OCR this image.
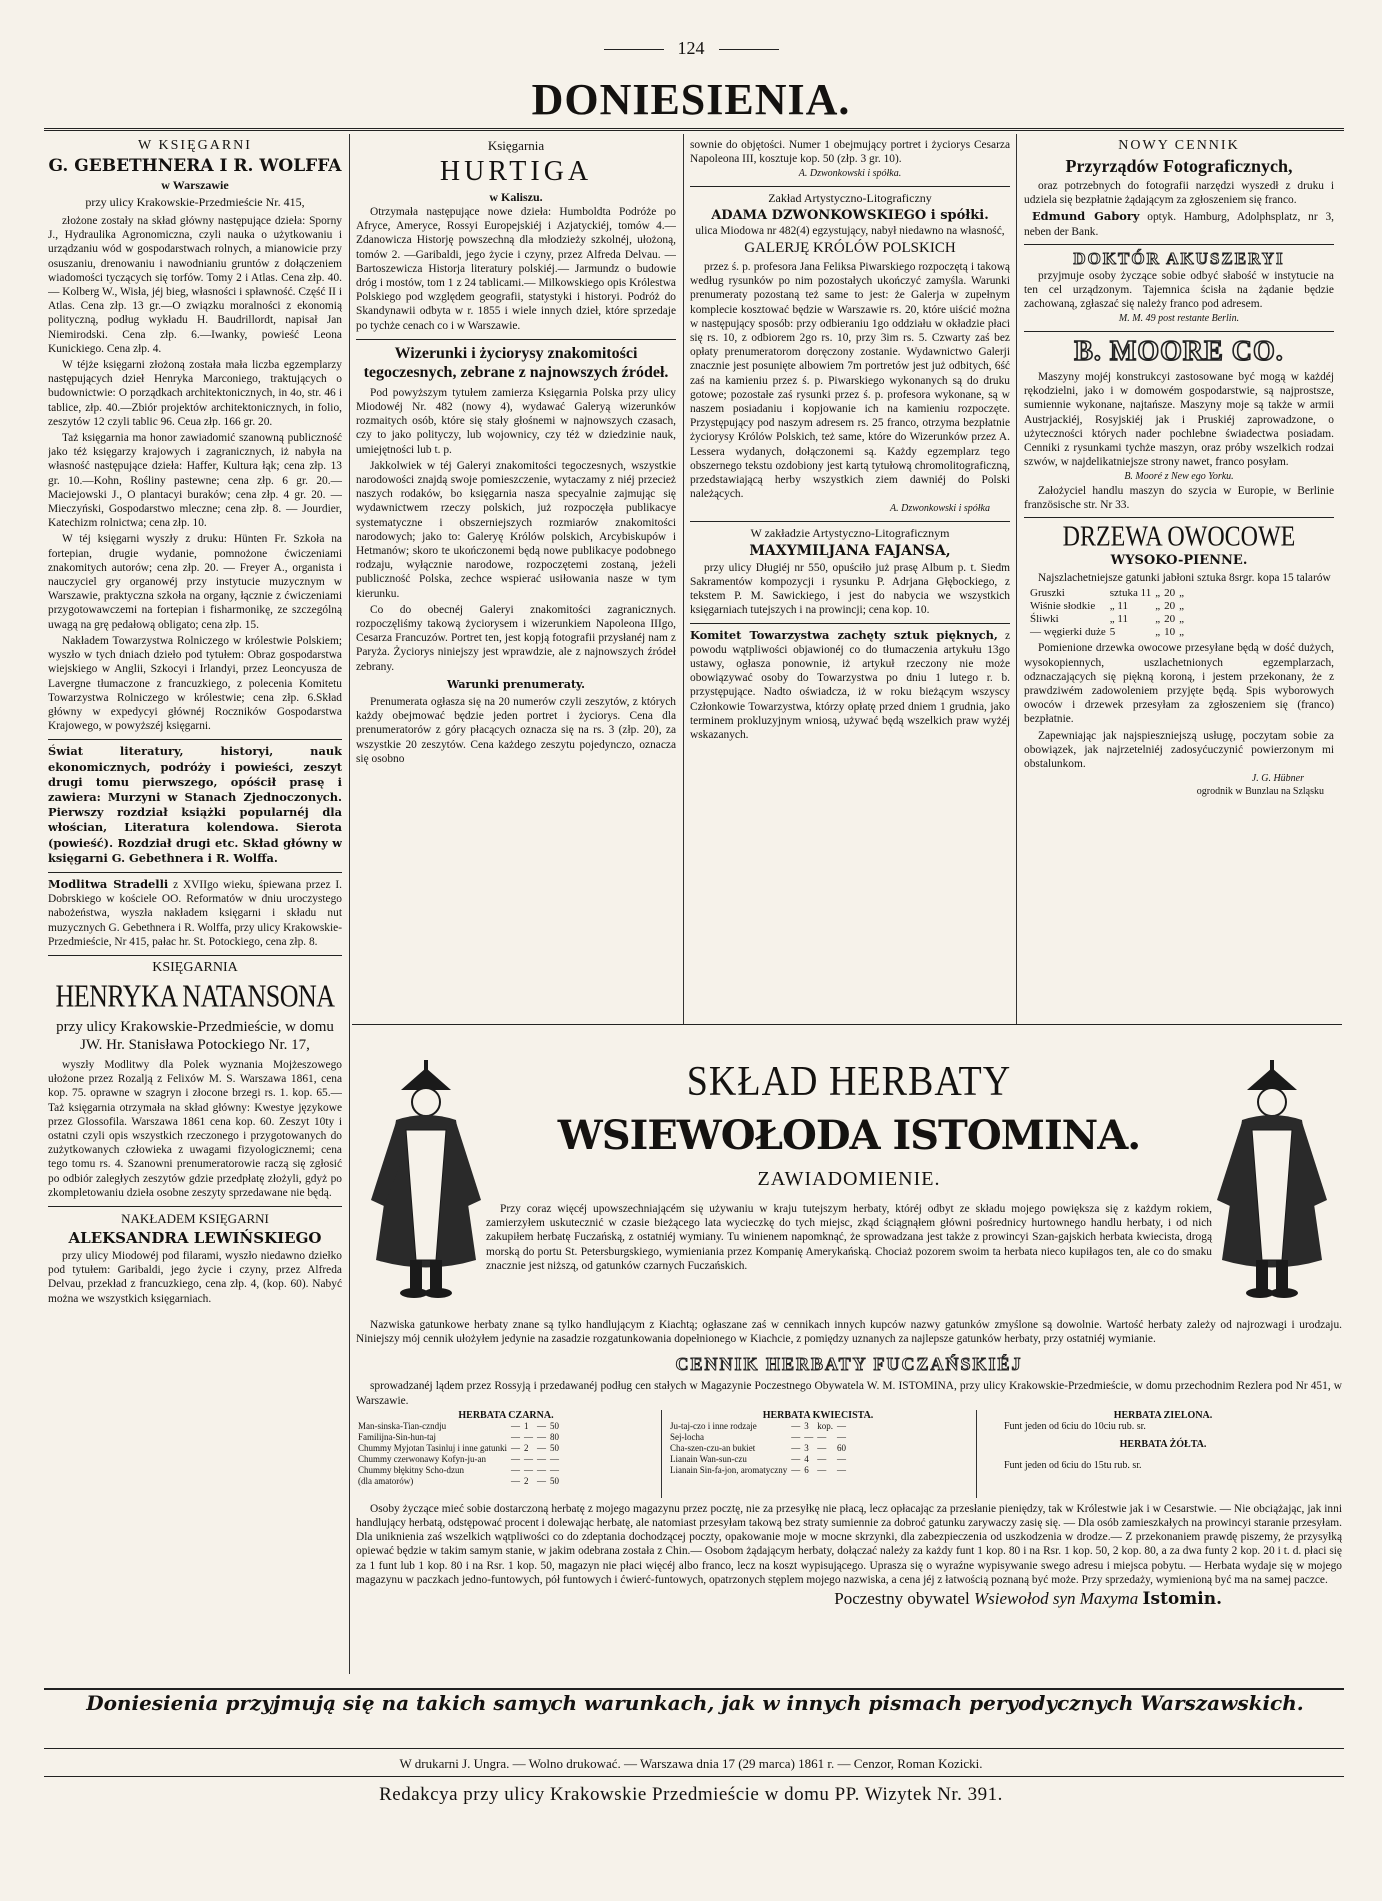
124
DONIESIENIA.
W KSIĘGARNI
G. GEBETHNERA I R. WOLFFA
w Warszawie
przy ulicy Krakowskie-Przedmieście Nr. 415,

złożone zostały na skład główny następujące dzieła: Sporny J., Hydraulika Agronomiczna, czyli nauka o użytkowaniu i urządzaniu wód w gospodarstwach rolnych, a mianowicie przy osuszaniu, drenowaniu i nawodnianiu gruntów z dołączeniem wiadomości tyczących się torfów. Tomy 2 i Atlas. Cena złp. 40.— Kolberg W., Wisła, jéj bieg, własności i spławność. Część II i Atlas. Cena złp. 13 gr.—O związku moralności z ekonomią polityczną, podług wykładu H. Baudrillordt, napisał Jan Niemirodski. Cena złp. 6.—Iwanky, powieść Leona Kunickiego. Cena złp. 4.

W téjże księgarni złożoną została mała liczba egzemplarzy następujących dzieł Henryka Marconiego, traktujących o budownictwie: O porządkach architektonicznych, in 4o, str. 46 i tablice, złp. 40.—Zbiór projektów architektonicznych, in folio, zeszytów 12 czyli tablic 96. Ceua złp. 166 gr. 20.

Taż księgarnia ma honor zawiadomić szanowną publiczność jako téż księgarzy krajowych i zagranicznych, iż nabyła na własność następujące dzieła: Haffer, Kultura łąk; cena złp. 13 gr. 10.—Kohn, Rośliny pastewne; cena złp. 6 gr. 20.—Maciejowski J., O plantacyi buraków; cena złp. 4 gr. 20. — Mieczyński, Gospodarstwo mleczne; cena złp. 8. — Jourdier, Katechizm rolnictwa; cena złp. 10.

W téj księgarni wyszły z druku: Hünten Fr. Szkoła na fortepian, drugie wydanie, pomnożone ćwiczeniami znakomitych autorów; cena złp. 20. — Freyer A., organista i nauczyciel gry organowéj przy instytucie muzycznym w Warszawie, praktyczna szkoła na organy, łącznie z ćwiczeniami przygotowawczemi na fortepian i fisharmonikę, ze szczególną uwagą na grę pedałową obligato; cena złp. 15.

Nakładem Towarzystwa Rolniczego w królestwie Polskiem; wyszło w tych dniach dzieło pod tytułem: Obraz gospodarstwa wiejskiego w Anglii, Szkocyi i Irlandyi, przez Leoncyusza de Lavergne tłumaczone z francuzkiego, z polecenia Komitetu Towarzystwa Rolniczego w królestwie; cena złp. 6.Skład główny w expedycyi głównéj Roczników Gospodarstwa Krajowego, w powyższéj księgarni.

Świat literatury, historyi, nauk ekonomicznych, podróży i powieści, zeszyt drugi tomu pierwszego, opóścił prasę i zawiera: Murzyni w Stanach Zjednoczonych. Pierwszy rozdział książki popularnéj dla włościan, Literatura kolendowa. Sierota (powieść). Rozdział drugi etc. Skład główny w księgarni G. Gebethnera i R. Wolffa.

Modlitwa Stradelli z XVIIgo wieku, śpiewana przez I. Dobrskiego w kościele OO. Reformatów w dniu uroczystego nabożeństwa, wyszła nakładem księgarni i składu nut muzycznych G. Gebethnera i R. Wolffa, przy ulicy Krakowskie-Przedmieście, Nr 415, pałac hr. St. Potockiego, cena złp. 8.

KSIĘGARNIA
HENRYKA NATANSONA
przy ulicy Krakowskie-Przedmieście, w domu JW. Hr. Stanisława Potockiego Nr. 17,

wyszły Modlitwy dla Polek wyznania Mojżeszowego ułożone przez Rozalją z Felixów M. S. Warszawa 1861, cena kop. 75. oprawne w szagryn i złocone brzegi rs. 1. kop. 65.— Taż księgarnia otrzymała na skład główny: Kwestye językowe przez Glossofila. Warszawa 1861 cena kop. 60. Zeszyt 10ty i ostatni czyli opis wszystkich rzeczonego i przygotowanych do zużytkowanych człowieka z uwagami fizyologicznemi; cena tego tomu rs. 4. Szanowni prenumeratorowie raczą się zgłosić po odbiór zaległych zeszytów gdzie przedpłatę złożyli, gdyż po zkompletowaniu dzieła osobne zeszyty sprzedawane nie będą.

NAKŁADEM KSIĘGARNI
ALEKSANDRA LEWIŃSKIEGO

przy ulicy Miodowéj pod filarami, wyszło niedawno dziełko pod tytułem: Garibaldi, jego życie i czyny, przez Alfreda Delvau, przekład z francuzkiego, cena złp. 4, (kop. 60). Nabyć można we wszystkich księgarniach.

Księgarnia
HURTIGA
w Kaliszu.

Otrzymała następujące nowe dzieła: Humboldta Podróże po Afryce, Ameryce, Rossyi Europejskiéj i Azjatyckiéj, tomów 4.—Zdanowicza Historję powszechną dla młodzieży szkolnéj, ułożoną, tomów 2. —Garibaldi, jego życie i czyny, przez Alfreda Delvau. — Bartoszewicza Historja literatury polskiéj.— Jarmundz o budowie dróg i mostów, tom 1 z 24 tablicami.— Milkowskiego opis Królestwa Polskiego pod względem geografii, statystyki i historyi. Podróż do Skandynawii odbyta w r. 1855 i wiele innych dzieł, które sprzedaje po tychże cenach co i w Warszawie.

Wizerunki i życiorysy znakomitości tegoczesnych, zebrane z najnowszych źródeł.

Pod powyższym tytułem zamierza Księgarnia Polska przy ulicy Miodowéj Nr. 482 (nowy 4), wydawać Galeryą wizerunków rozmaitych osób, które się stały głośnemi w najnowszych czasach, czy to jako polityczy, lub wojownicy, czy téż w dziedzinie nauk, umiejętności lub t. p.

Jakkolwiek w téj Galeryi znakomitości tegoczesnych, wszystkie narodowości znajdą swoje pomieszczenie, wytaczamy z niéj przecież naszych rodaków, bo księgarnia nasza specyalnie zajmując się wydawnictwem rzeczy polskich, już rozpoczęła publikacye systematyczne i obszerniejszych rozmiarów znakomitości narodowych; jako to: Galeryę Królów polskich, Arcybiskupów i Hetmanów; skoro te ukończonemi będą nowe publikacye podobnego rodzaju, wyłącznie narodowe, rozpoczętemi zostaną, jeżeli publiczność Polska, zechce wspierać usiłowania nasze w tym kierunku.

Co do obecnéj Galeryi znakomitości zagranicznych. rozpoczęliśmy takową życiorysem i wizerunkiem Napoleona IIIgo, Cesarza Francuzów. Portret ten, jest kopją fotografii przysłanéj nam z Paryża. Życiorys niniejszy jest wprawdzie, ale z najnowszych źródeł zebrany.

Warunki prenumeraty.

Prenumerata ogłasza się na 20 numerów czyli zeszytów, z których każdy obejmować będzie jeden portret i życiorys. Cena dla prenumeratorów z góry płacących oznacza się na rs. 3 (złp. 20), za wszystkie 20 zeszytów. Cena każdego zeszytu pojedynczo, oznacza się osobno

sownie do objętości. Numer 1 obejmujący portret i życiorys Cesarza Napoleona III, kosztuje kop. 50 (złp. 3 gr. 10).

A. Dzwonkowski i spółka.
Zakład Artystyczno-Litograficzny
ADAMA DZWONKOWSKIEGO i spółki.
ulica Miodowa nr 482(4) egzystujący, nabył niedawno na własność,
GALERJĘ KRÓLÓW POLSKICH

przez ś. p. profesora Jana Feliksa Piwarskiego rozpoczętą i takową według rysunków po nim pozostałych ukończyć zamyśla. Warunki prenumeraty pozostaną też same to jest: że Galerja w zupełnym komplecie kosztować będzie w Warszawie rs. 20, które uiścić można w następujący sposób: przy odbieraniu 1go oddziału w okładzie płaci się rs. 10, z odbiorem 2go rs. 10, przy 3im rs. 5. Czwarty zaś bez opłaty prenumeratorom doręczony zostanie. Wydawnictwo Galerji znacznie jest posunięte albowiem 7m portretów jest już odbitych, 6ść zaś na kamieniu przez ś. p. Piwarskiego wykonanych są do druku gotowe; pozostałe zaś rysunki przez ś. p. profesora wykonane, są w naszem posiadaniu i kopjowanie ich na kamieniu rozpoczęte. Przystępujący pod naszym adresem rs. 25 franco, otrzyma bezpłatnie życiorysy Królów Polskich, też same, które do Wizerunków przez A. Lessera wydanych, dołączonemi są. Każdy egzemplarz tego obszernego tekstu ozdobiony jest kartą tytułową chromolitograficzną, przedstawiającą herby wszystkich ziem dawniéj do Polski należących.

A. Dzwonkowski i spółka
W zakładzie Artystyczno-Litograficznym
MAXYMILJANA FAJANSA,

przy ulicy Długiéj nr 550, opuściło już prasę Album p. t. Siedm Sakramentów kompozycji i rysunku P. Adrjana Głębockiego, z tekstem P. M. Sawickiego, i jest do nabycia we wszystkich księgarniach tutejszych i na prowincji; cena kop. 10.

Komitet Towarzystwa zachęty sztuk pięknych, z powodu wątpliwości objawionéj co do tłumaczenia artykułu 13go ustawy, ogłasza ponownie, iż artykuł rzeczony nie może obowiązywać osoby do Towarzystwa po dniu 1 lutego r. b. przystępujące. Nadto oświadcza, iż w roku bieżącym wszyscy Członkowie Towarzystwa, którzy opłatę przed dniem 1 grudnia, jako terminem prokluzyjnym wniosą, używać będą wszelkich praw wyżéj wskazanych.

NOWY CENNIK
Przyrządów Fotograficznych,

oraz potrzebnych do fotografii narzędzi wyszedł z druku i udziela się bezpłatnie żądającym za zgłoszeniem się franco.

Edmund Gabory optyk. Hamburg, Adolphsplatz, nr 3, neben der Bank.

DOKTÓR AKUSZERYI

przyjmuje osoby życzące sobie odbyć słabość w instytucie na ten cel urządzonym. Tajemnica ścisła na żądanie będzie zachowaną, zgłaszać się należy franco pod adresem.

M. M. 49 post restante Berlin.
B. MOORE CO.

Maszyny mojéj konstrukcyi zastosowane być mogą w każdéj rękodzielni, jako i w domowém gospodarstwie, są najprostsze, sumiennie wykonane, najtańsze. Maszyny moje są także w armii Austrjackiéj, Rosyjskiéj jak i Pruskiéj zaprowadzone, o użyteczności których nader pochlebne świadectwa posiadam. Cenniki z rysunkami tychże maszyn, oraz próby wszelkich rodzai szwów, w najdelikatniejsze strony nawet, franco posyłam.

B. Mooré z New ego Yorku.

Założyciel handlu maszyn do szycia w Europie, w Berlinie französische str. Nr 33.

DRZEWA OWOCOWE
WYSOKO-PIENNE.

Najszlachetniejsze gatunki jabłoni sztuka 8srgr. kopa 15 talarów

Gruszki	sztuka 11	„	20	„
Wiśnie słodkie	„ 11	„	20	„
Śliwki	„ 11	„	20	„
— węgierki duże	5	„	10	„

Pomienione drzewka owocowe przesyłane będą w dość dużych, wysokopiennych, uszlachetnionych egzemplarzach, odznaczających się piękną koroną, i jestem przekonany, że z prawdziwém zadowoleniem przyjęte będą. Spis wyborowych owoców i drzewek przesyłam za zgłoszeniem się (franco) bezpłatnie.

Zapewniając jak najspieszniejszą usługę, poczytam sobie za obowiązek, jak najrzetelniéj zadosyćuczynić powierzonym mi obstalunkom.

J. G. Hübner
ogrodnik w Bunzlau na Szląsku
SKŁAD HERBATY
WSIEWOŁODA ISTOMINA.
ZAWIADOMIENIE.

Przy coraz więcéj upowszechniającém się używaniu w kraju tutejszym herbaty, któréj odbyt ze składu mojego powiększa się z każdym rokiem, zamierzyłem uskutecznić w czasie bieżącego lata wycieczkę do tych miejsc, zkąd ściągnąłem główni pośrednicy hurtownego handlu herbaty, i od nich zakupiłem herbatę Fuczańską, z ostatniéj wymiany. Tu winienem napomknąć, że sprowadzana jest także z prowincyi Szan-gajskich herbata kwiecista, drogą morską do portu St. Petersburgskiego, wymieniania przez Kompanię Amerykańską. Chociaż pozorem swoim ta herbata nieco kupiłagos ten, ale co do smaku znacznie jest niższą, od gatunków czarnych Fuczańskich.

Nazwiska gatunkowe herbaty znane są tylko handlującym z Kiachtą; ogłaszane zaś w cennikach innych kupców nazwy gatunków zmyślone są dowolnie. Wartość herbaty zależy od najrozwagi i urodzaju. Niniejszy mój cennik ułożyłem jedynie na zasadzie rozgatunkowania dopełnionego w Kiachcie, z pomiędzy uznanych za najlepsze gatunków herbaty, przy ostatniéj wymianie.

CENNIK HERBATY FUCZAŃSKIÉJ

sprowadzanéj lądem przez Rossyją i przedawanéj podług cen stałych w Magazynie Poczestnego Obywatela W. M. ISTOMINA, przy ulicy Krakowskie-Przedmieście, w domu przechodnim Rezlera pod Nr 451, w Warszawie.

HERBATA CZARNA.
Man-sinska-Tian-czndju	—	1	—	50
Familijna-Sin-hun-taj	—	—	—	80
Chummy Myjotan Tasinluj i inne gatunki	—	2	—	50
Chummy czerwonawy Kofyn-ju-an	—	—	—	—
Chummy błękitny Scho-dzun	—	—	—	—
(dla amatorów)	—	2	—	50
HERBATA KWIECISTA.
Ju-taj-czo i inne rodzaje	—	3	kop.	—
Sej-locha	—	—	—	—
Cha-szen-czu-an bukiet	—	3	—	60
Lianain Wan-sun-czu	—	4	—	—
Lianain Sin-fa-jon, aromatyczny	—	6	—	—
HERBATA ZIELONA.
Funt jeden od 6ciu do 10ciu rub. sr.
HERBATA ŻÓŁTA.
Funt jeden od 6ciu do 15tu rub. sr.

Osoby życzące mieć sobie dostarczoną herbatę z mojego magazynu przez pocztę, nie za przesyłkę nie płacą, lecz opłacając za przesłanie pieniędzy, tak w Królestwie jak i w Cesarstwie. — Nie obciążając, jak inni handlujący herbatą, odstępować procent i dolewając herbatę, ale natomiast przesyłam takową bez straty sumiennie za dobroć gatunku zarywaczy zasię się. — Dla osób zamieszkałych na prowincyi staranie przesyłam. Dla uniknienia zaś wszelkich wątpliwości co do zdeptania dochodzącej poczty, opakowanie moje w mocne skrzynki, dla zabezpieczenia od uszkodzenia w drodze.— Z przekonaniem prawdę piszemy, że przysyłką opiewać będzie w takim samym stanie, w jakim odebrana została z Chin.— Osobom żądającym herbaty, dołączać należy za każdy funt 1 kop. 80 i na Rsr. 1 kop. 50, 2 kop. 80, a za dwa funty 2 kop. 20 i t. d. płaci się za 1 funt lub 1 kop. 80 i na Rsr. 1 kop. 50, magazyn nie płaci więcéj albo franco, lecz na koszt wypisującego. Uprasza się o wyraźne wypisywanie swego adresu i miejsca pobytu. — Herbata wydaje się w mojego magazynu w paczkach jedno-funtowych, pół funtowych i ćwierć-funtowych, opatrzonych stęplem mojego nazwiska, a cena jéj z łatwością poznaną być może. Przy sprzedaży, wymienioną być ma na samej paczce.

Poczestny obywatel Wsiewołod syn Maxyma Istomin.
Doniesienia przyjmują się na takich samych warunkach, jak w innych pismach peryodycznych Warszawskich.
W drukarni J. Ungra. — Wolno drukować. — Warszawa dnia 17 (29 marca) 1861 r. — Cenzor, Roman Kozicki.
Redakcya przy ulicy Krakowskie Przedmieście w domu PP. Wizytek Nr. 391.
